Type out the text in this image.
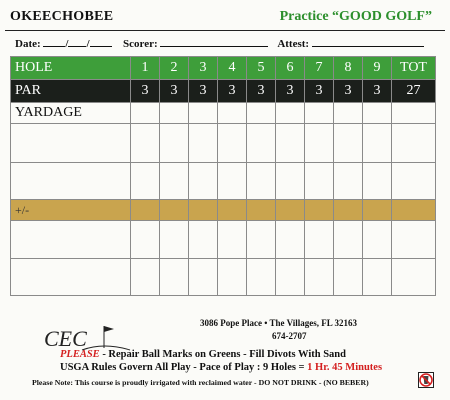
OKEECHOBEE	Practice “GOOD GOLF”
Date: / /	Scorer:	Attest:
HOLE	1	2	3	4	5	6	7	8	9	TOT
PAR	3	3	3	3	3	3	3	3	3	27
YARDAGE										

+/-										

CEC
3086 Pope Place • The Villages, FL 32163
674-2707
PLEASE - Repair Ball Marks on Greens - Fill Divots With Sand
USGA Rules Govern All Play - Pace of Play : 9 Holes = 1 Hr. 45 Minutes
Please Note: This course is proudly irrigated with reclaimed water - DO NOT DRINK - (NO BEBER)
